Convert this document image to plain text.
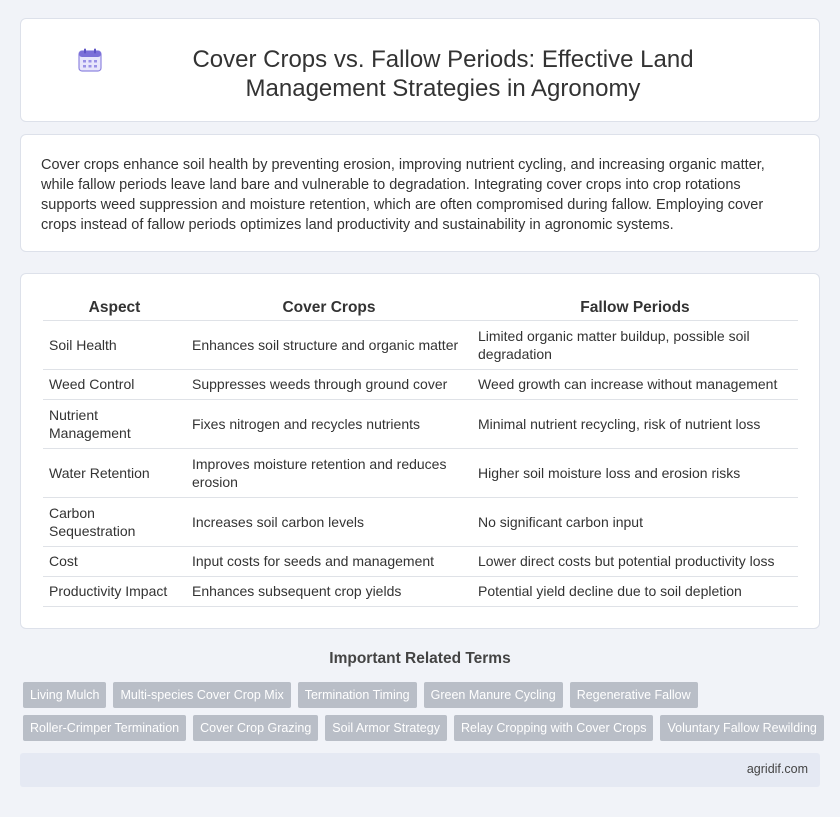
Cover Crops vs. Fallow Periods: Effective Land Management Strategies in Agronomy

Cover crops enhance soil health by preventing erosion, improving nutrient cycling, and increasing organic matter, while fallow periods leave land bare and vulnerable to degradation. Integrating cover crops into crop rotations supports weed suppression and moisture retention, which are often compromised during fallow. Employing cover crops instead of fallow periods optimizes land productivity and sustainability in agronomic systems.

Aspect	Cover Crops	Fallow Periods
Soil Health	Enhances soil structure and organic matter	Limited organic matter buildup, possible soil degradation
Weed Control	Suppresses weeds through ground cover	Weed growth can increase without management
Nutrient Management	Fixes nitrogen and recycles nutrients	Minimal nutrient recycling, risk of nutrient loss
Water Retention	Improves moisture retention and reduces erosion	Higher soil moisture loss and erosion risks
Carbon Sequestration	Increases soil carbon levels	No significant carbon input
Cost	Input costs for seeds and management	Lower direct costs but potential productivity loss
Productivity Impact	Enhances subsequent crop yields	Potential yield decline due to soil depletion
Important Related Terms
Living Mulch	Multi-species Cover Crop Mix	Termination Timing	Green Manure Cycling	Regenerative Fallow
Roller-Crimper Termination	Cover Crop Grazing	Soil Armor Strategy	Relay Cropping with Cover Crops	Voluntary Fallow Rewilding
agridif.com
